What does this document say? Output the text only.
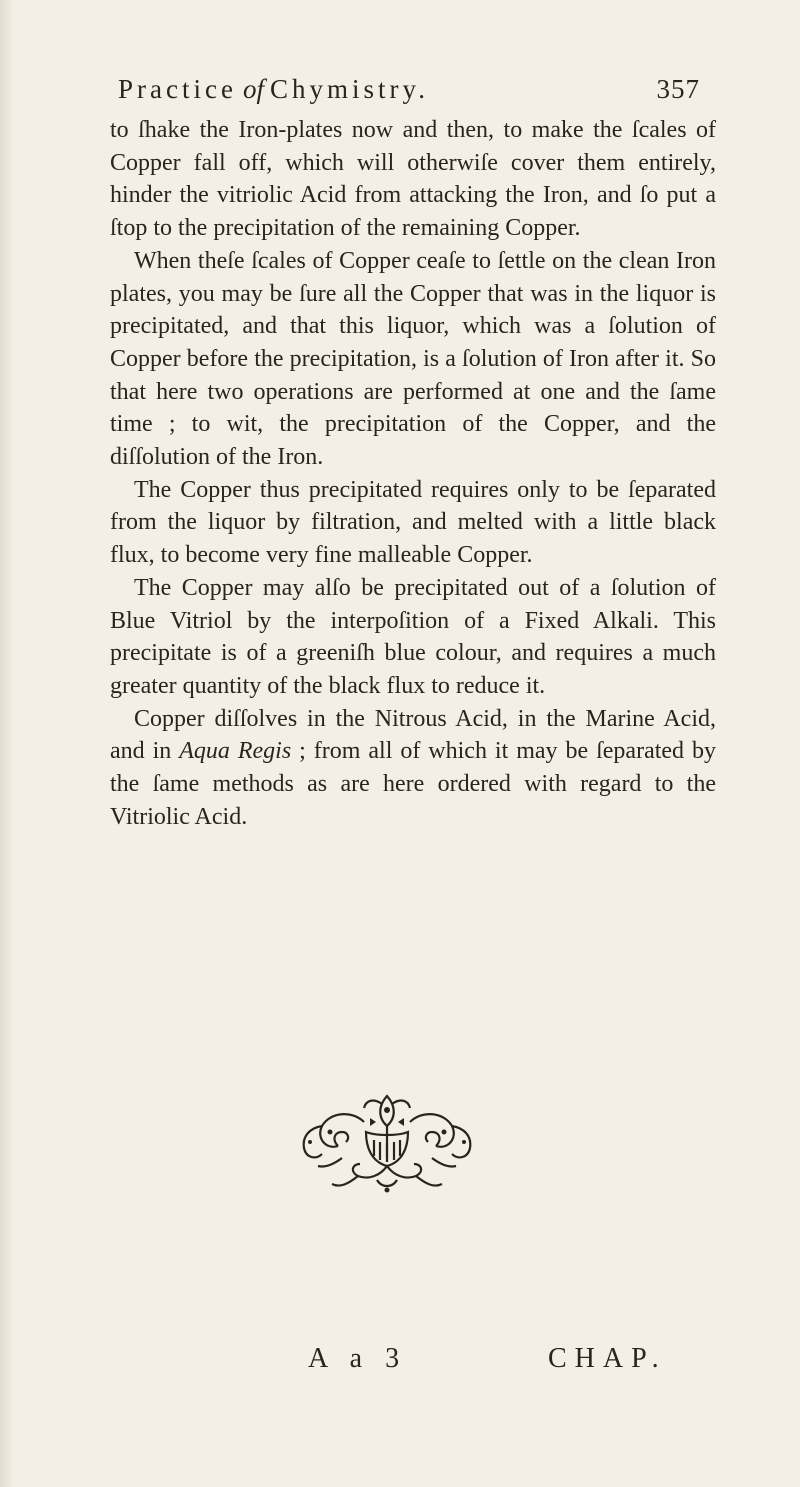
Practice of Chymistry.	357

to ſhake the Iron-plates now and then, to make the ſcales of Copper fall off, which will otherwiſe cover them entirely, hinder the vitriolic Acid from attacking the Iron, and ſo put a ſtop to the precipitation of the remaining Copper.

When theſe ſcales of Copper ceaſe to ſettle on the clean Iron plates, you may be ſure all the Copper that was in the liquor is precipitated, and that this liquor, which was a ſolution of Copper before the precipitation, is a ſolution of Iron after it. So that here two operations are performed at one and the ſame time ; to wit, the precipitation of the Copper, and the diſſolution of the Iron.

The Copper thus precipitated requires only to be ſeparated from the liquor by filtration, and melted with a little black flux, to become very fine malleable Copper.

The Copper may alſo be precipitated out of a ſolution of Blue Vitriol by the interpoſition of a Fixed Alkali. This precipitate is of a greeniſh blue colour, and requires a much greater quantity of the black flux to reduce it.

Copper diſſolves in the Nitrous Acid, in the Marine Acid, and in Aqua Regis ; from all of which it may be ſeparated by the ſame methods as are here ordered with regard to the Vitriolic Acid.

A a 3	CHAP.
